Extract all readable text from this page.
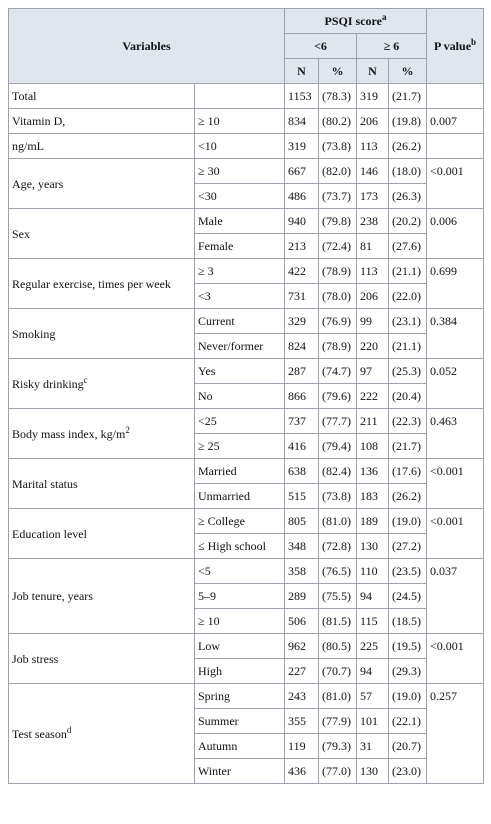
Variables		PSQI score$^a$				P value$^b$
		<6		≥ 6		
		N	%	N	%	
Total		1153	(78.3)	319	(21.7)	
Vitamin D,	≥ 10	834	(80.2)	206	(19.8)	0.007
ng/mL	<10	319	(73.8)	113	(26.2)	
Age, years	≥ 30	667	(82.0)	146	(18.0)	<0.001
	<30	486	(73.7)	173	(26.3)	
Sex	Male	940	(79.8)	238	(20.2)	0.006
	Female	213	(72.4)	81	(27.6)	
Regular exercise, times per week	≥ 3	422	(78.9)	113	(21.1)	0.699
	<3	731	(78.0)	206	(22.0)	
Smoking	Current	329	(76.9)	99	(23.1)	0.384
	Never/former	824	(78.9)	220	(21.1)	
Risky drinking$^c$	Yes	287	(74.7)	97	(25.3)	0.052
	No	866	(79.6)	222	(20.4)	
Body mass index, $kg/m^2$	<25	737	(77.7)	211	(22.3)	0.463
	≥ 25	416	(79.4)	108	(21.7)	
Marital status	Married	638	(82.4)	136	(17.6)	<0.001
	Unmarried	515	(73.8)	183	(26.2)	
Education level	≥ College	805	(81.0)	189	(19.0)	<0.001
	≤ High school	348	(72.8)	130	(27.2)	
Job tenure, years	<5	358	(76.5)	110	(23.5)	0.037
	5–9	289	(75.5)	94	(24.5)	
	≥ 10	506	(81.5)	115	(18.5)	
Job stress	Low	962	(80.5)	225	(19.5)	<0.001
	High	227	(70.7)	94	(29.3)	
Test season$^d$	Spring	243	(81.0)	57	(19.0)	0.257
	Summer	355	(77.9)	101	(22.1)	
	Autumn	119	(79.3)	31	(20.7)	
	Winter	436	(77.0)	130	(23.0)	
